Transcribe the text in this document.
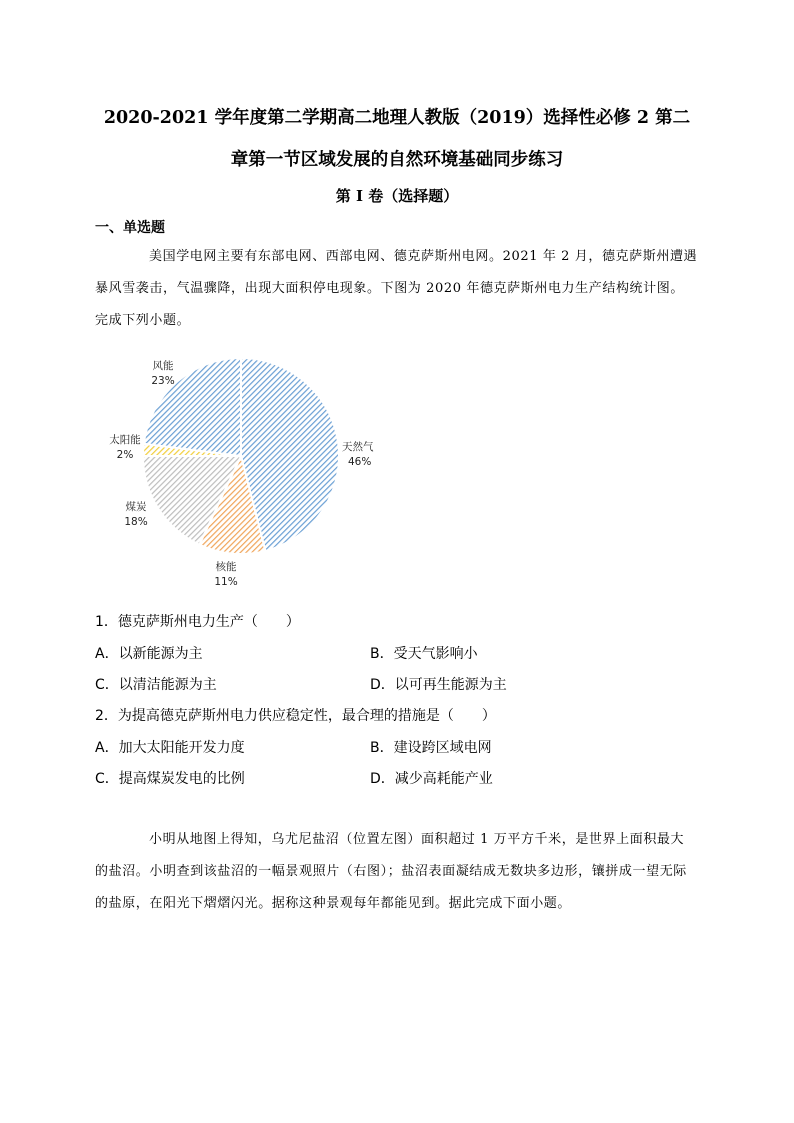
2020-2021 学年度第二学期高二地理人教版（2019）选择性必修 2 第二
章第一节区域发展的自然环境基础同步练习
第 I 卷（选择题）
一、单选题
美国学电网主要有东部电网、西部电网、德克萨斯州电网。2021 年 2 月，德克萨斯州遭遇
暴风雪袭击，气温骤降，出现大面积停电现象。下图为 2020 年德克萨斯州电力生产结构统计图。
完成下列小题。
天然气
46%
核能
11%
煤炭
18%
太阳能
2%
风能
23%
1．德克萨斯州电力生产（　　）
A．以新能源为主	B．受天气影响小
C．以清洁能源为主	D．以可再生能源为主
2．为提高德克萨斯州电力供应稳定性，最合理的措施是（　　）
A．加大太阳能开发力度	B．建设跨区域电网
C．提高煤炭发电的比例	D．减少高耗能产业
小明从地图上得知，乌尤尼盐沼（位置左图）面积超过 1 万平方千米，是世界上面积最大
的盐沼。小明查到该盐沼的一幅景观照片（右图）；盐沼表面凝结成无数块多边形，镶拼成一望无际
的盐原，在阳光下熠熠闪光。据称这种景观每年都能见到。据此完成下面小题。
